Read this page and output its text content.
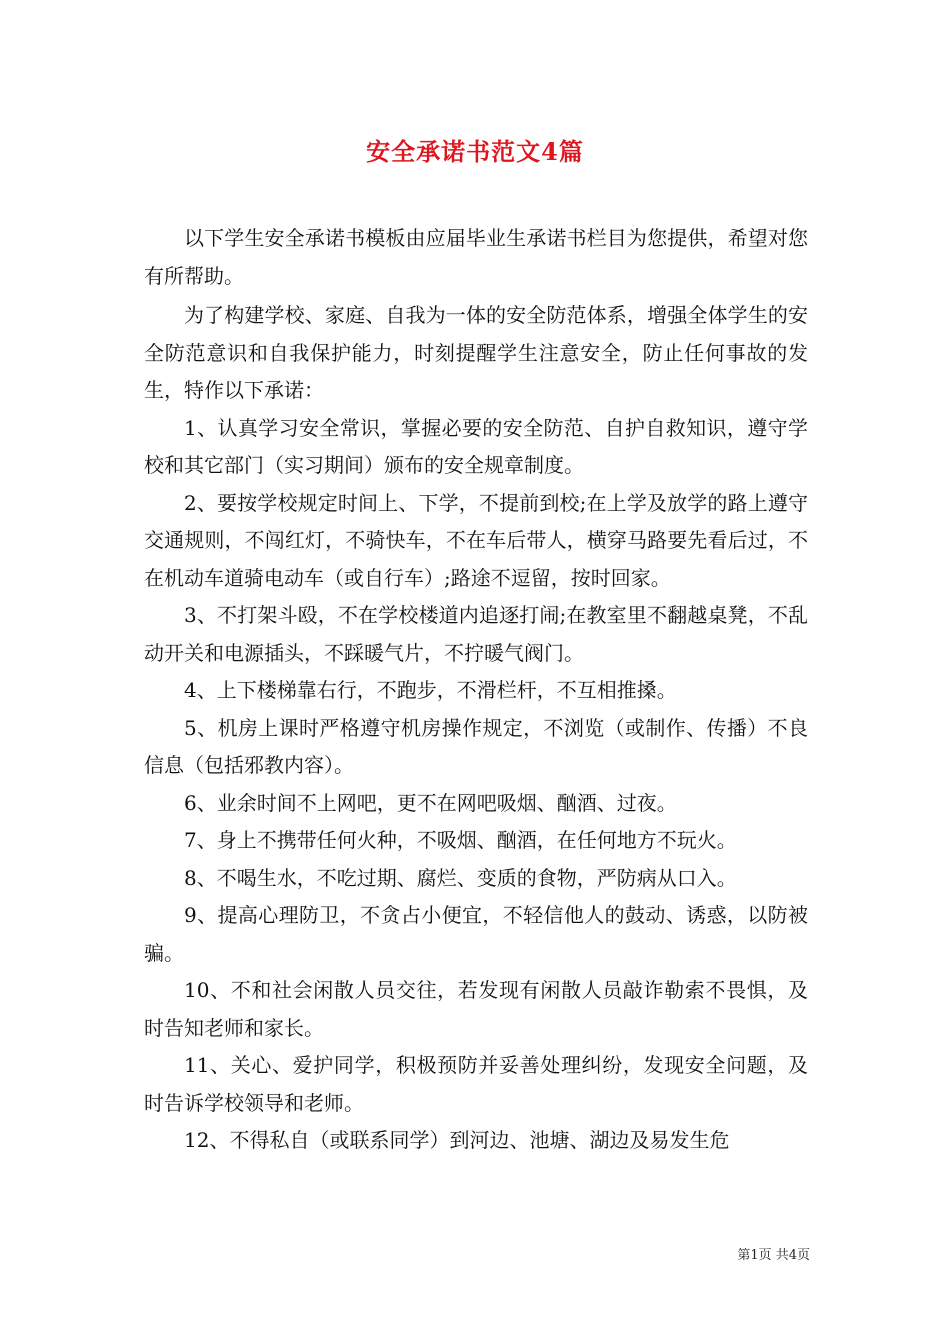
安全承诺书范文4篇

以下学生安全承诺书模板由应届毕业生承诺书栏目为您提供，希望对您有所帮助。

为了构建学校、家庭、自我为一体的安全防范体系，增强全体学生的安全防范意识和自我保护能力，时刻提醒学生注意安全，防止任何事故的发生，特作以下承诺：

1、认真学习安全常识，掌握必要的安全防范、自护自救知识，遵守学校和其它部门（实习期间）颁布的安全规章制度。

2、要按学校规定时间上、下学，不提前到校;在上学及放学的路上遵守交通规则，不闯红灯，不骑快车，不在车后带人，横穿马路要先看后过，不在机动车道骑电动车（或自行车）;路途不逗留，按时回家。

3、不打架斗殴，不在学校楼道内追逐打闹;在教室里不翻越桌凳，不乱动开关和电源插头，不踩暖气片，不拧暖气阀门。

4、上下楼梯靠右行，不跑步，不滑栏杆，不互相推搡。

5、机房上课时严格遵守机房操作规定，不浏览（或制作、传播）不良信息（包括邪教内容）。

6、业余时间不上网吧，更不在网吧吸烟、酗酒、过夜。

7、身上不携带任何火种，不吸烟、酗酒，在任何地方不玩火。

8、不喝生水，不吃过期、腐烂、变质的食物，严防病从口入。

9、提高心理防卫，不贪占小便宜，不轻信他人的鼓动、诱惑，以防被骗。

10、不和社会闲散人员交往，若发现有闲散人员敲诈勒索不畏惧，及时告知老师和家长。

11、关心、爱护同学，积极预防并妥善处理纠纷，发现安全问题，及时告诉学校领导和老师。

12、不得私自（或联系同学）到河边、池塘、湖边及易发生危

第1页 共4页
